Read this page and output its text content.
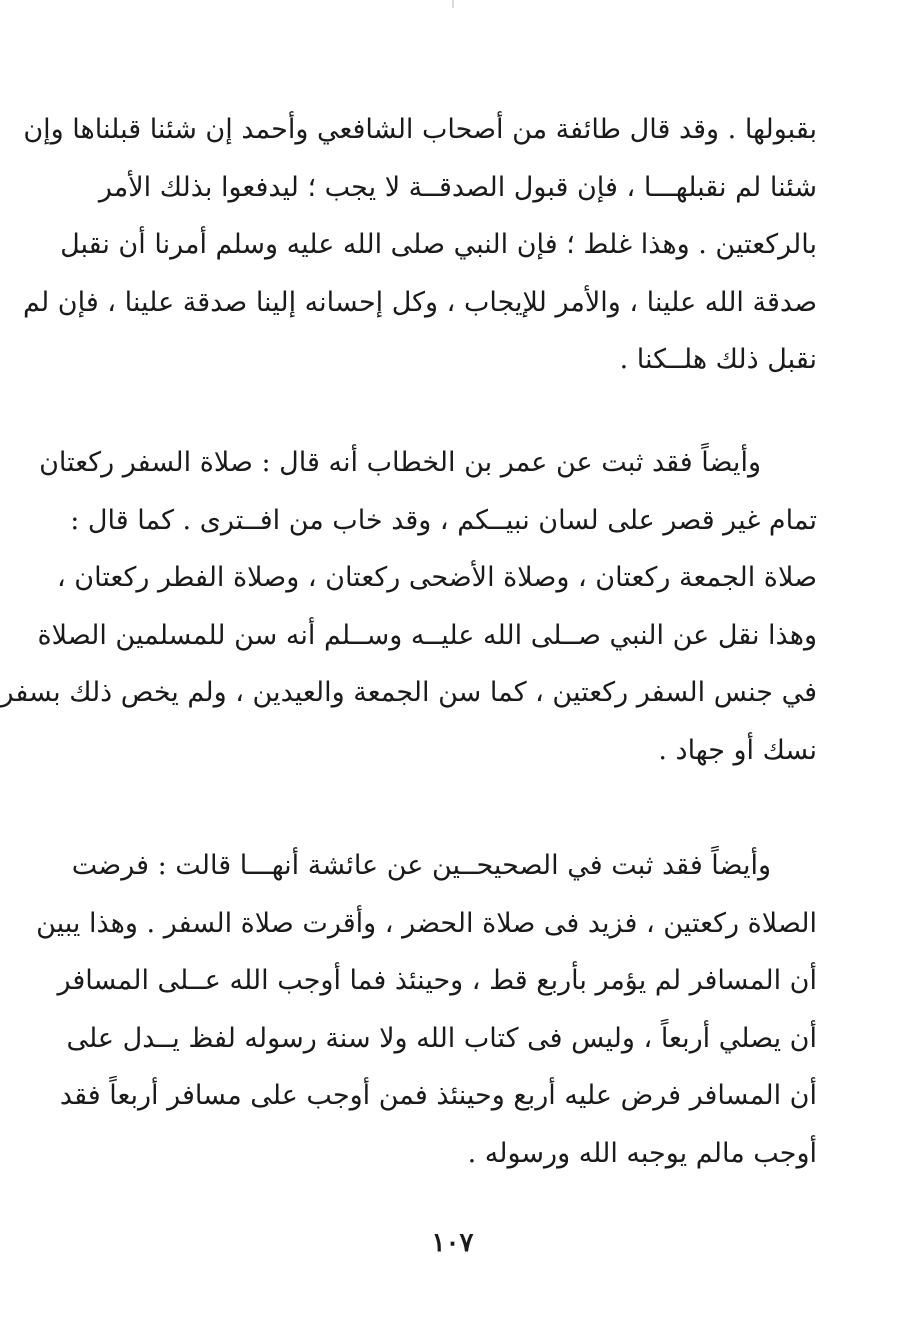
بقبولها . وقد قال طائفة من أصحاب الشافعي وأحمد إن شئنا قبلناها وإن
شئنا لم نقبلهـــا ، فإن قبول الصدقــة لا يجب ؛ ليدفعوا بذلك الأمر
بالركعتين . وهذا غلط ؛ فإن النبي صلى الله عليه وسلم أمرنا أن نقبل
صدقة الله علينا ، والأمر للإيجاب ، وكل إحسانه إلينا صدقة علينا ، فإن لم
نقبل ذلك هلــكنا .
وأيضاً فقد ثبت عن عمر بن الخطاب أنه قال : صلاة السفر ركعتان
تمام غير قصر على لسان نبيــكم ، وقد خاب من افــترى . كما قال :
صلاة الجمعة ركعتان ، وصلاة الأضحى ركعتان ، وصلاة الفطر ركعتان ،
وهذا نقل عن النبي صــلى الله عليــه وســلم أنه سن للمسلمين الصلاة
في جنس السفر ركعتين ، كما سن الجمعة والعيدين ، ولم يخص ذلك بسفر
نسك أو جهاد .
وأيضاً فقد ثبت في الصحيحــين عن عائشة أنهـــا قالت : فرضت
الصلاة ركعتين ، فزيد فى صلاة الحضر ، وأقرت صلاة السفر . وهذا يبين
أن المسافر لم يؤمر بأربع قط ، وحينئذ فما أوجب الله عــلى المسافر
أن يصلي أربعاً ، وليس فى كتاب الله ولا سنة رسوله لفظ يــدل على
أن المسافر فرض عليه أربع وحينئذ فمن أوجب على مسافر أربعاً فقد
أوجب مالم يوجبه الله ورسوله .
١٠٧
